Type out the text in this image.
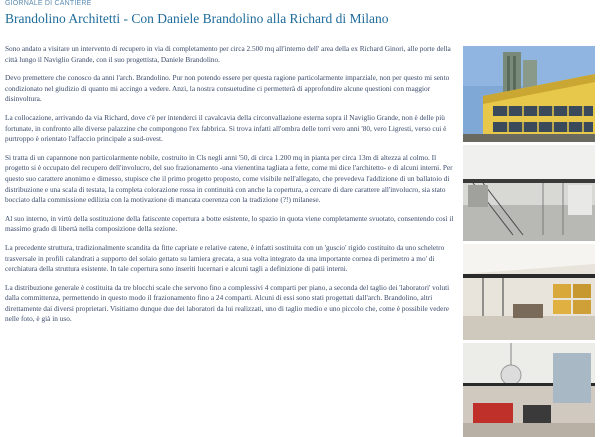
GIORNALE DI CANTIERE
Brandolino Architetti - Con Daniele Brandolino alla Richard di Milano

Sono andato a visitare un intervento di recupero in via di completamento per circa 2.500 mq all'interno dell' area della ex Richard Ginori, alle porte della città lungo il Naviglio Grande, con il suo progettista, Daniele Brandolino.

Devo premettere che conosco da anni l'arch. Brandolino. Pur non potendo essere per questa ragione particolarmente imparziale, non per questo mi sento condizionato nel giudizio di quanto mi accingo a vedere. Anzi, la nostra consuetudine ci permetterà di approfondire alcune questioni con maggior disinvoltura.

La collocazione, arrivando da via Richard, dove c'è per intenderci il cavalcavia della circonvallazione esterna sopra il Naviglio Grande, non è delle più fortunate, in confronto alle diverse palazzine che compongono l'ex fabbrica. Si trova infatti all'ombra delle torri vero anni '80, vero Ligresti, verso cui è purtroppo è orientato l'affaccio principale a sud-ovest.

Si tratta di un capannone non particolarmente nobile, costruito in Cls negli anni '50, di circa 1.200 mq in pianta per circa 13m di altezza al colmo. Il progetto si è occupato del recupero dell'involucro, del suo frazionamento -una vienentina tagliata a fette, come mi dice l'architetto- e di alcuni interni. Per questo suo carattere anonimo e dimesso, stupisce che il primo progetto proposto, come visibile nell'allegato, che prevedeva l'addizione di un ballatoio di distribuzione e una scala di testata, la completa colorazione rossa in continuità con anche la copertura, a cercare di dare carattere all'involucro, sia stato bocciato dalla commissione edilizia con la motivazione di mancata coerenza con la tradizione (?!) milanese.

Al suo interno, in virtù della sostituzione della fatiscente copertura a botte esistente, lo spazio in quota viene completamente svuotato, consentendo così il massimo grado di libertà nella composizione della sezione.

La precedente struttura, tradizionalmente scandita da fitte capriate e relative catene, è infatti sostituita con un 'guscio' rigido costituito da uno scheletro trasversale in profili calandrati a supporto del solaio gettato su lamiera grecata, a sua volta integrato da una importante cornea di perimetro a mo' di cerchiatura della struttura esistente. In tale copertura sono inseriti lucernari e alcuni tagli a definizione di patii interni.

La distribuzione generale è costituita da tre blocchi scale che servono fino a complessivi 4 comparti per piano, a seconda del taglio dei 'laboratori' voluti dalla committenza, permettendo in questo modo il frazionamento fino a 24 comparti. Alcuni di essi sono stati progettati dall'arch. Brandolino, altri direttamente dai diversi proprietari. Visitiamo dunque due dei laboratori da lui realizzati, uno di taglio medio e uno piccolo che, come è possibile vedere nelle foto, è già in uso.
